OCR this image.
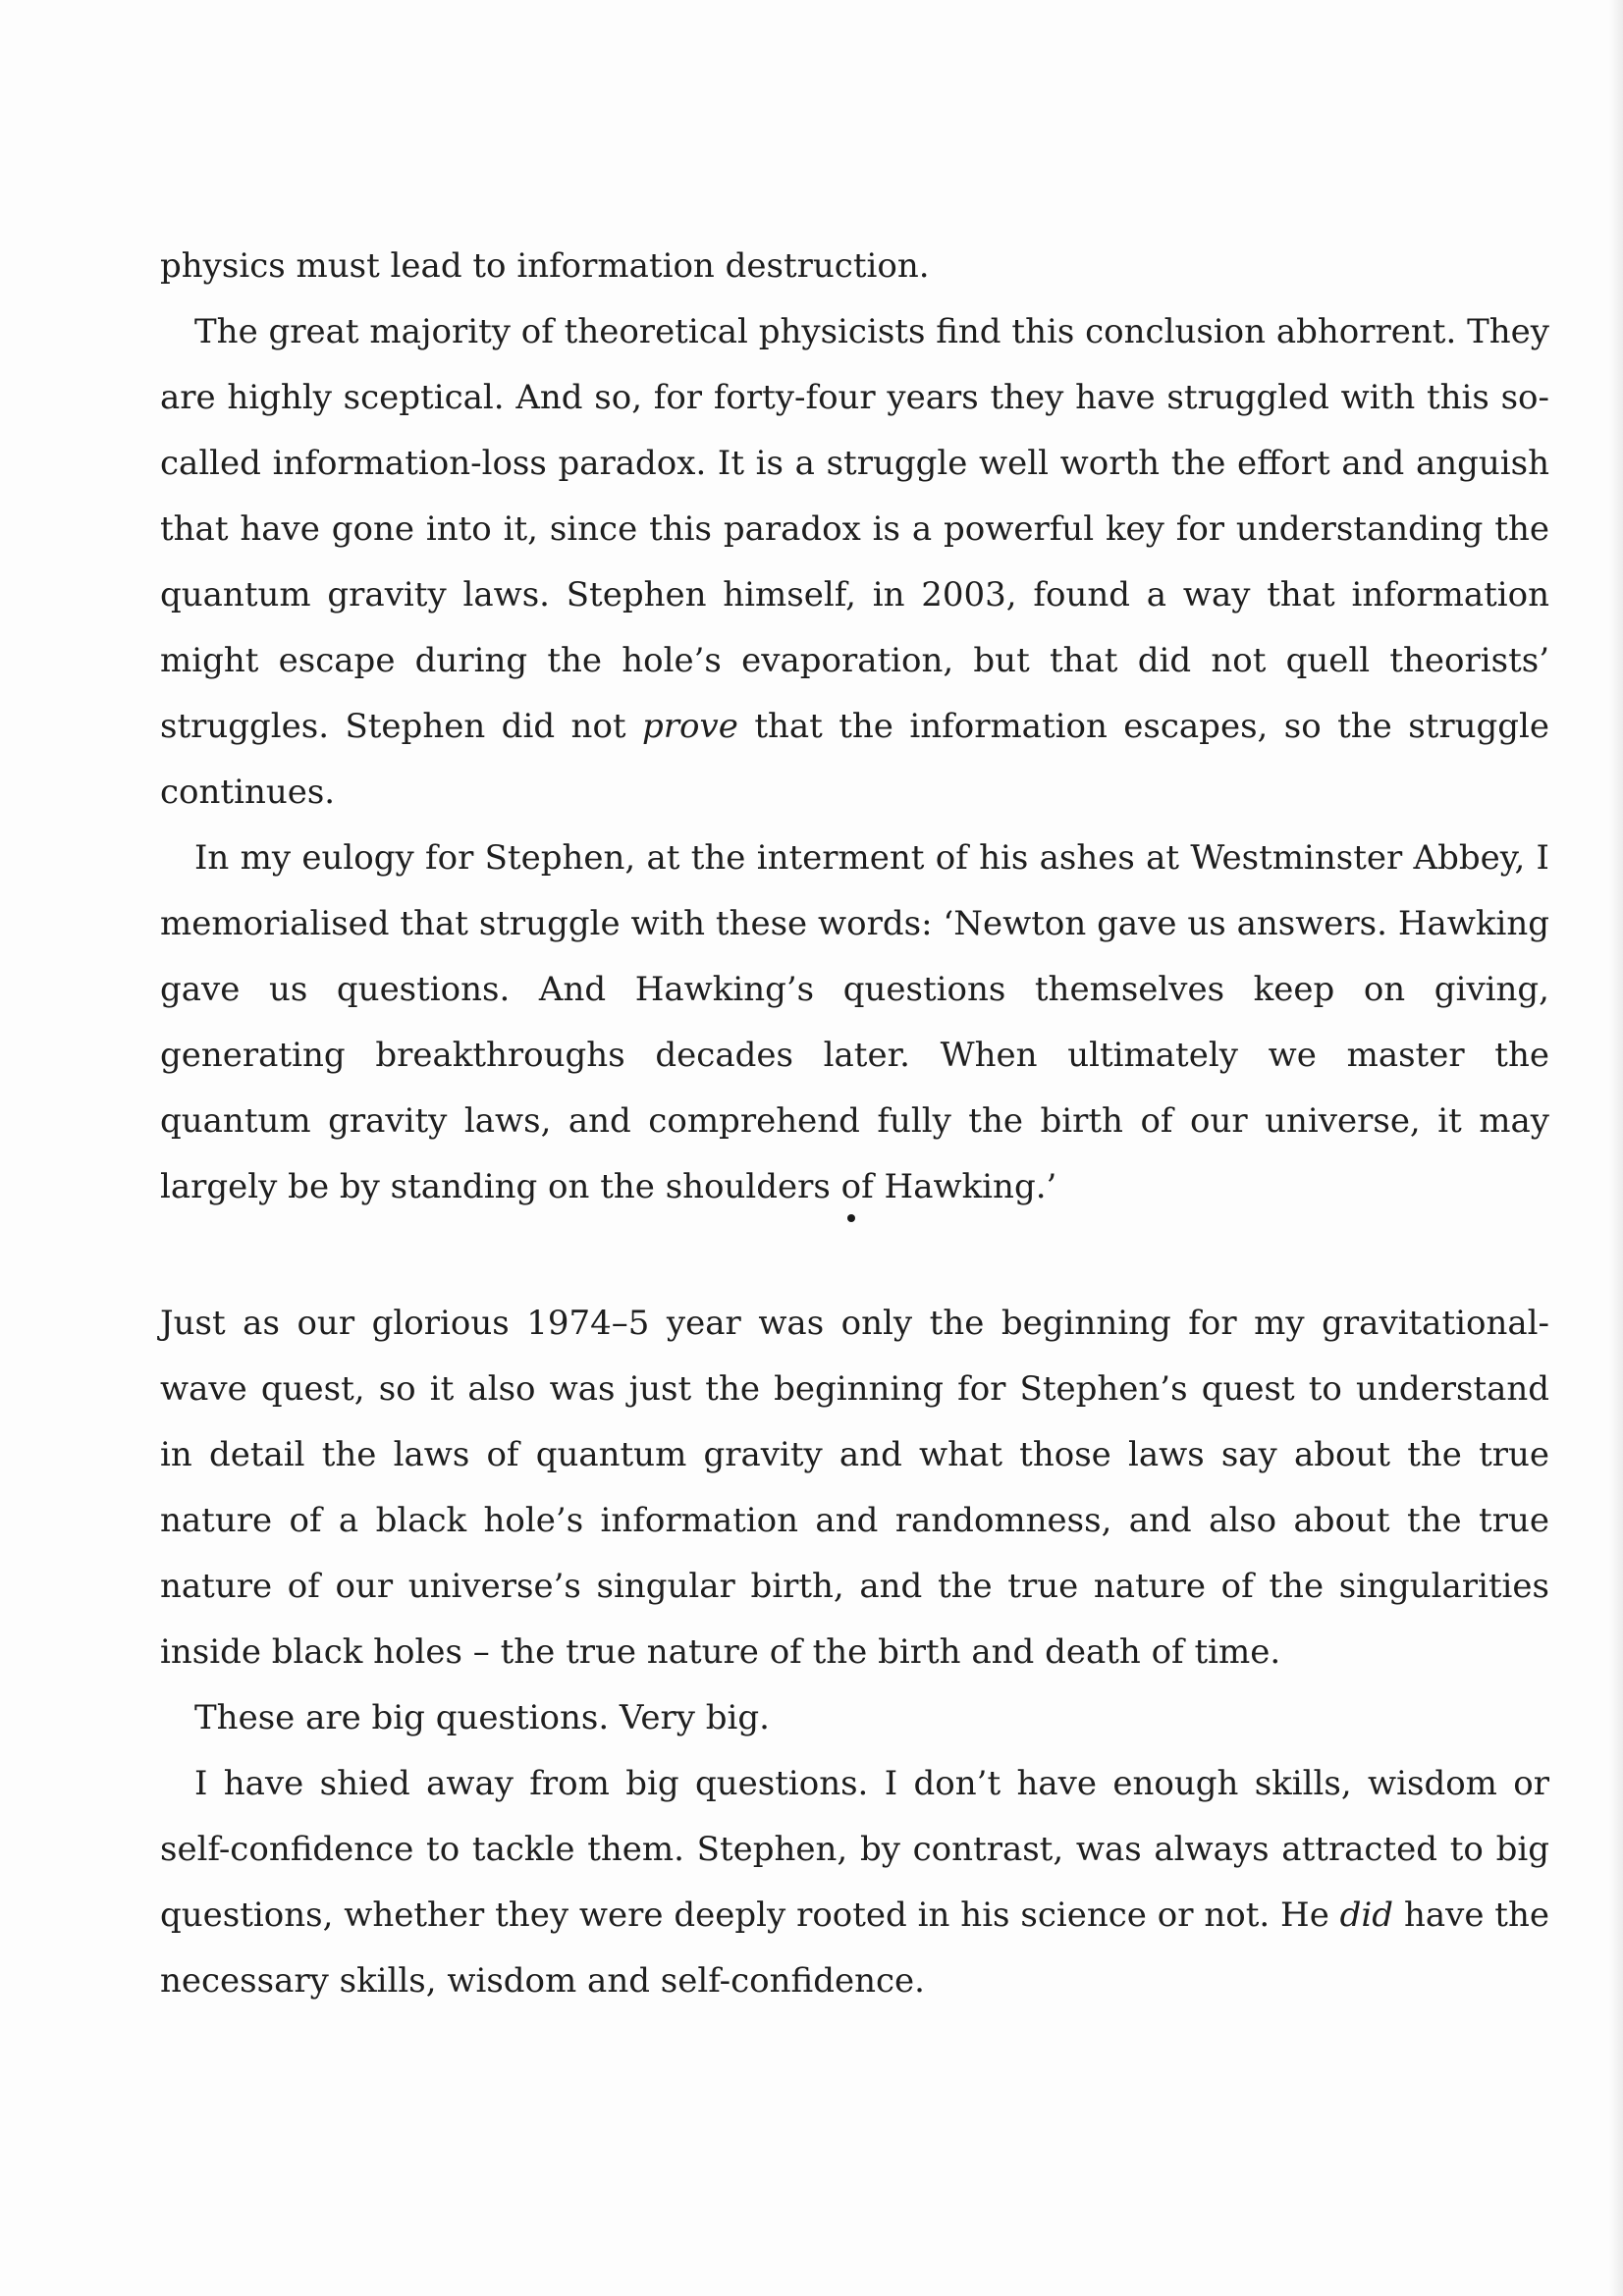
physics must lead to information destruction.

The great majority of theoretical physicists find this conclusion abhorrent. They are highly sceptical. And so, for forty-four years they have struggled with this so-called information-loss paradox. It is a struggle well worth the effort and anguish that have gone into it, since this paradox is a powerful key for understanding the quantum gravity laws. Stephen himself, in 2003, found a way that information might escape during the hole’s evaporation, but that did not quell theorists’ struggles. Stephen did not prove that the information escapes, so the struggle continues.

In my eulogy for Stephen, at the interment of his ashes at Westminster Abbey, I memorialised that struggle with these words: ‘Newton gave us answers. Hawking gave us questions. And Hawking’s questions themselves keep on giving, generating breakthroughs decades later. When ultimately we master the quantum gravity laws, and comprehend fully the birth of our universe, it may largely be by standing on the shoulders of Hawking.’

Just as our glorious 1974–5 year was only the beginning for my gravitational-wave quest, so it also was just the beginning for Stephen’s quest to understand in detail the laws of quantum gravity and what those laws say about the true nature of a black hole’s information and randomness, and also about the true nature of our universe’s singular birth, and the true nature of the singularities inside black holes – the true nature of the birth and death of time.

These are big questions. Very big.

I have shied away from big questions. I don’t have enough skills, wisdom or self-confidence to tackle them. Stephen, by contrast, was always attracted to big questions, whether they were deeply rooted in his science or not. He did have the necessary skills, wisdom and self-confidence.
